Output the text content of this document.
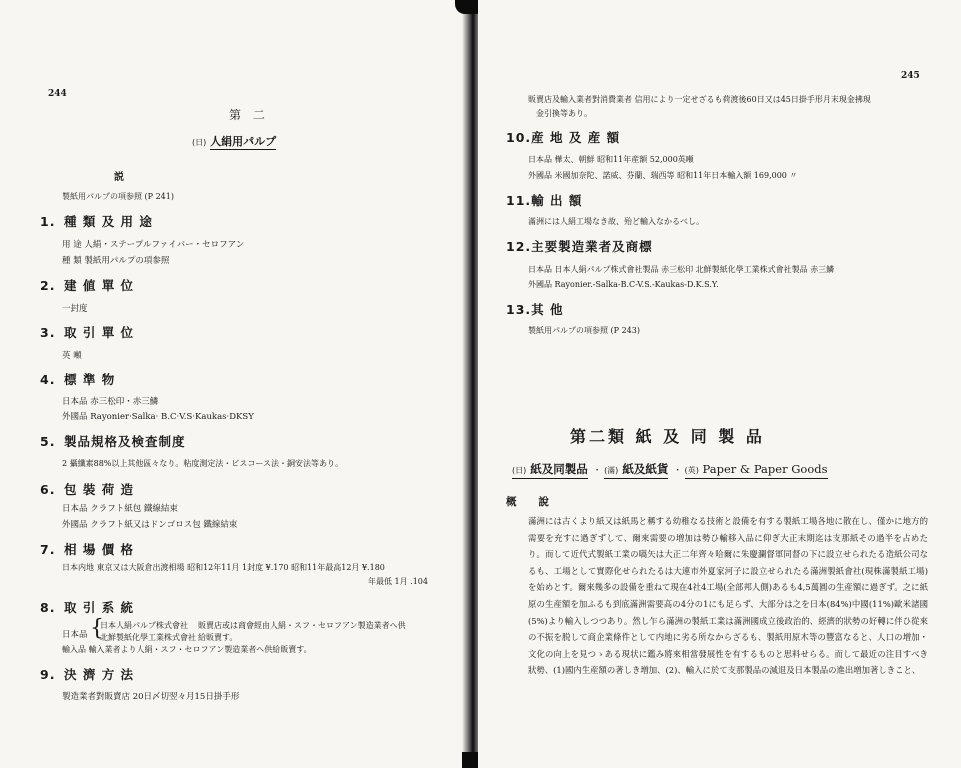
244
第 二
(日) 人絹用パルプ
説
製紙用パルプの項参照 (P 241)
1. 種 類 及 用 途
用 途 人絹・ステープルファイバー・セロフアン
種 類 製紙用パルプの項参照
2. 建 値 單 位
一封度
3. 取 引 單 位
英 噸
4. 標 準 物
日本品 赤三松印・赤三鱗
外國品 Rayonier·Salka· B.C·V.S·Kaukas·DKSY
5. 製品規格及検査制度
2 攝纖素88%以上其他區々なり。粘度測定法・ビスコース法・銅安法等あり。
6. 包 裝 荷 造
日本品 クラフト紙包 鐵線結束
外國品 クラフト紙又はドンゴロス包 鐵線結束
7. 相 場 價 格
日本内地 東京又は大阪倉出渡相場 昭和12年11月 1封度 ¥.170 昭和11年最高12月 ¥.180
年最低 1月 .104
8. 取 引 系 統
日本品 {
日本人絹パルプ株式會社
北鮮製紙化學工業株式會社
販賣店或は商會經由人絹・スフ・セロフアン製造業者へ供
給販賣す。
輸入品 輸入業者より人絹・スフ・セロフアン製造業者へ供給販賣す。
9. 決 濟 方 法
製造業者對販賣店 20日〆切翌々月15日掛手形
245
販賣店及輸入業者對消費業者 信用により一定せざるも荷渡後60日又は45日掛手形月末現金拂現
金引換等あり。
10.産 地 及 産 額
日本品 樺太、朝鮮 昭和11年産額 52,000英噸
外國品 米國加奈陀、諾威、芬蘭、瑞西等 昭和11年日本輸入額 169,000 〃
11.輸 出 額
滿洲には人絹工場なき故、殆ど輸入なかるべし。
12.主要製造業者及商標
日本品 日本人絹パルプ株式會社製品 赤三松印 北鮮製紙化學工業株式會社製品 赤三鱗
外國品 Rayonier.-Salka-B.C-V.S.-Kaukas-D.K.S.Y.
13.其 他
製紙用パルプの項参照 (P 243)
第二類 紙 及 同 製 品
(日) 紙及同製品 ・ (滿) 紙及紙貨 ・ (英) Paper & Paper Goods
概      說
滿洲には古くより紙又は紙馬と稱する幼稚なる技術と設備を有する製紙工場各地に散在し、僅かに地方的需要を充すに過ぎずして、爾來需要の増加は勢ひ輸移入品に仰ぎ大正末期迄は支那紙その過半を占めたり。而して近代式製紙工業の嚆矢は大正二年齊々哈爾に朱慶瀾督軍同督の下に設立せられたる造紙公司なるも、工場として實際化せられたるは大連市外夏家河子に設立せられたる滿洲製紙會社(現株滿製紙工場)を始めとす。爾來幾多の設備を重ねて現在4社4工場(全部邦人側)あるも4,5萬圓の生産額に過ぎず。之に紙原の生産額を加ふるも到底滿洲需要高の4分の1にも足らず、大部分は之を日本(84%)中國(11%)歐米諸國(5%)より輸入しつつあり。然し乍ら滿洲の製紙工業は滿洲國成立後政治的、經濟的狀勢の好轉に伴ひ從來の不振を脱して商企業條件として内地に劣る所なからざるも、製紙用原木等の豐富なると、人口の増加・文化の向上を見つゝある現状に鑑み將來相當發展性を有するものと思料せらる。而して最近の注目すべき狀勢、(1)國内生産額の著しき増加、(2)、輸入に於て支那製品の減退及日本製品の進出増加著しきこと、
